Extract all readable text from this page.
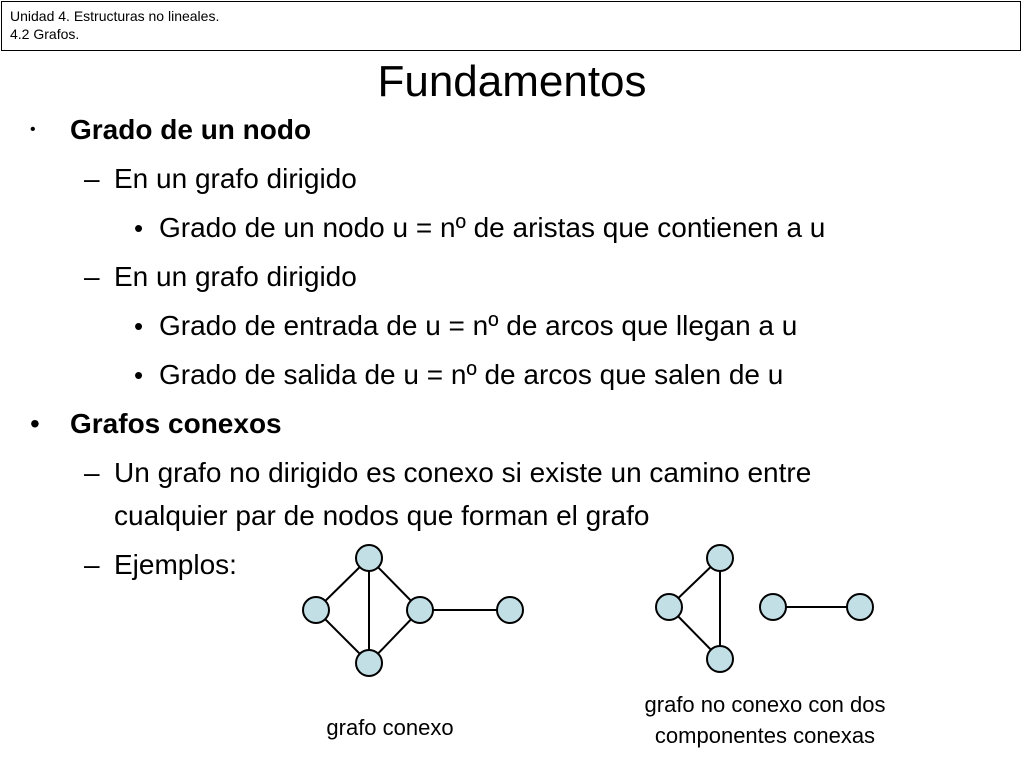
Unidad 4. Estructuras no lineales.
4.2 Grafos.
Fundamentos
• Grado de un nodo
– En un grafo dirigido
• Grado de un nodo u = nº de aristas que contienen a u
– En un grafo dirigido
• Grado de entrada de u = nº de arcos que llegan a u
• Grado de salida de u = nº de arcos que salen de u
• Grafos conexos
– Un grafo no dirigido es conexo si existe un camino entre
cualquier par de nodos que forman el grafo
– Ejemplos:
grafo conexo
grafo no conexo con dos
componentes conexas
